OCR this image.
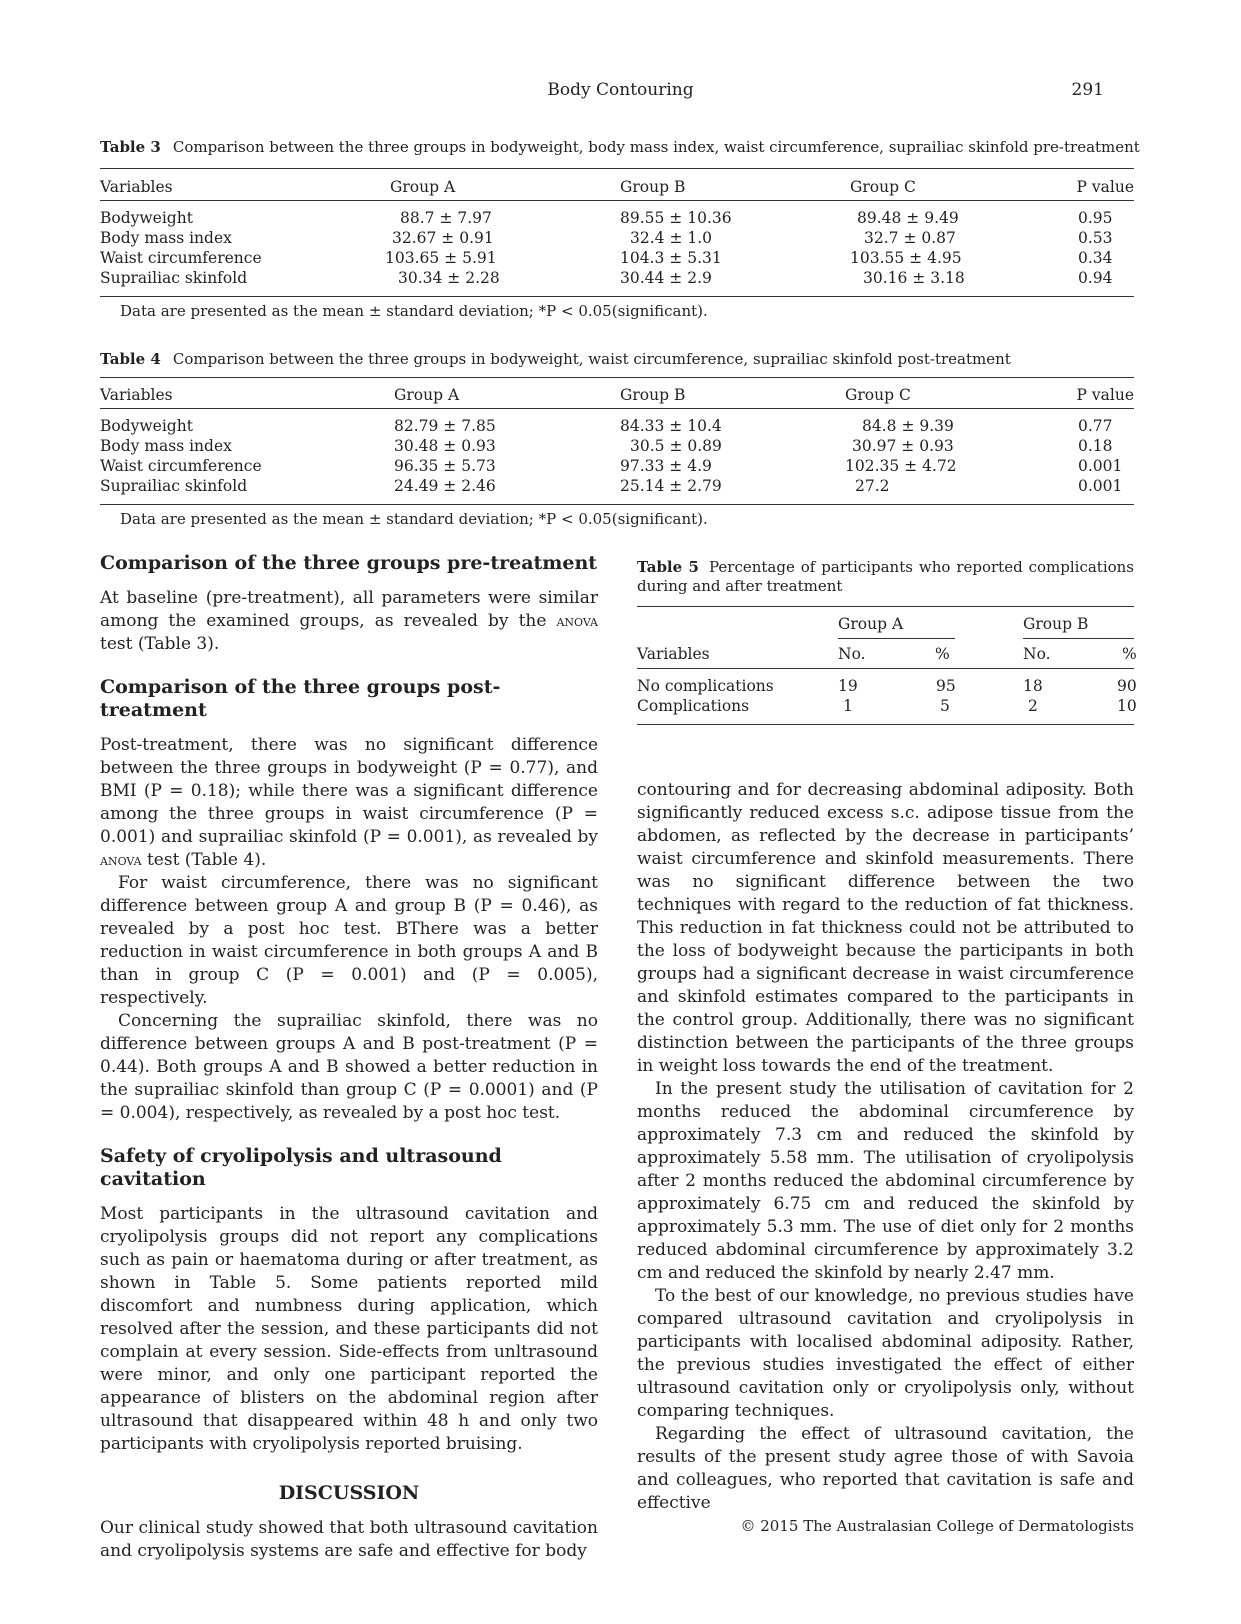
Body Contouring	291
Table 3 Comparison between the three groups in bodyweight, body mass index, waist circumference, suprailiac skinfold pre-treatment
Variables	Group A	Group B	Group C	P value
Bodyweight	88.7 ± 7.97	89.55 ± 10.36	89.48 ± 9.49	0.95
Body mass index	32.67 ± 0.91	32.4 ± 1.0	32.7 ± 0.87	0.53
Waist circumference	103.65 ± 5.91	104.3 ± 5.31	103.55 ± 4.95	0.34
Suprailiac skinfold	30.34 ± 2.28	30.44 ± 2.9	30.16 ± 3.18	0.94
Data are presented as the mean ± standard deviation; *P < 0.05(significant).
Table 4 Comparison between the three groups in bodyweight, waist circumference, suprailiac skinfold post-treatment
Variables	Group A	Group B	Group C	P value
Bodyweight	82.79 ± 7.85	84.33 ± 10.4	84.8 ± 9.39	0.77
Body mass index	30.48 ± 0.93	30.5 ± 0.89	30.97 ± 0.93	0.18
Waist circumference	96.35 ± 5.73	97.33 ± 4.9	102.35 ± 4.72	0.001
Suprailiac skinfold	24.49 ± 2.46	25.14 ± 2.79	27.2	0.001
Data are presented as the mean ± standard deviation; *P < 0.05(significant).

Comparison of the three groups pre-treatment

At baseline (pre-treatment), all parameters were similar among the examined groups, as revealed by the anova test (Table 3).

Comparison of the three groups post-treatment

Post-treatment, there was no significant difference between the three groups in bodyweight (P = 0.77), and BMI (P = 0.18); while there was a significant difference among the three groups in waist circumference (P = 0.001) and suprailiac skinfold (P = 0.001), as revealed by anova test (Table 4).

For waist circumference, there was no significant difference between group A and group B (P = 0.46), as revealed by a post hoc test. BThere was a better reduction in waist circumference in both groups A and B than in group C (P = 0.001) and (P = 0.005), respectively.

Concerning the suprailiac skinfold, there was no difference between groups A and B post-treatment (P = 0.44). Both groups A and B showed a better reduction in the suprailiac skinfold than group C (P = 0.0001) and (P = 0.004), respectively, as revealed by a post hoc test.

Safety of cryolipolysis and ultrasound cavitation

Most participants in the ultrasound cavitation and cryolipolysis groups did not report any complications such as pain or haematoma during or after treatment, as shown in Table 5. Some patients reported mild discomfort and numbness during application, which resolved after the session, and these participants did not complain at every session. Side-effects from unltrasound were minor, and only one participant reported the appearance of blisters on the abdominal region after ultrasound that disappeared within 48 h and only two participants with cryolipolysis reported bruising.

DISCUSSION

Our clinical study showed that both ultrasound cavitation and cryolipolysis systems are safe and effective for body

Table 5 Percentage of participants who reported complications during and after treatment
Group A	Group B
Variables	No.	%	No.	%
No complications	19	95	18	90
Complications	1	5	2	10

contouring and for decreasing abdominal adiposity. Both significantly reduced excess s.c. adipose tissue from the abdomen, as reflected by the decrease in participants’ waist circumference and skinfold measurements. There was no significant difference between the two techniques with regard to the reduction of fat thickness. This reduction in fat thickness could not be attributed to the loss of bodyweight because the participants in both groups had a significant decrease in waist circumference and skinfold estimates compared to the participants in the control group. Additionally, there was no significant distinction between the participants of the three groups in weight loss towards the end of the treatment.

In the present study the utilisation of cavitation for 2 months reduced the abdominal circumference by approximately 7.3 cm and reduced the skinfold by approximately 5.58 mm. The utilisation of cryolipolysis after 2 months reduced the abdominal circumference by approximately 6.75 cm and reduced the skinfold by approximately 5.3 mm. The use of diet only for 2 months reduced abdominal circumference by approximately 3.2 cm and reduced the skinfold by nearly 2.47 mm.

To the best of our knowledge, no previous studies have compared ultrasound cavitation and cryolipolysis in participants with localised abdominal adiposity. Rather, the previous studies investigated the effect of either ultrasound cavitation only or cryolipolysis only, without comparing techniques.

Regarding the effect of ultrasound cavitation, the results of the present study agree those of with Savoia and colleagues, who reported that cavitation is safe and effective

© 2015 The Australasian College of Dermatologists
